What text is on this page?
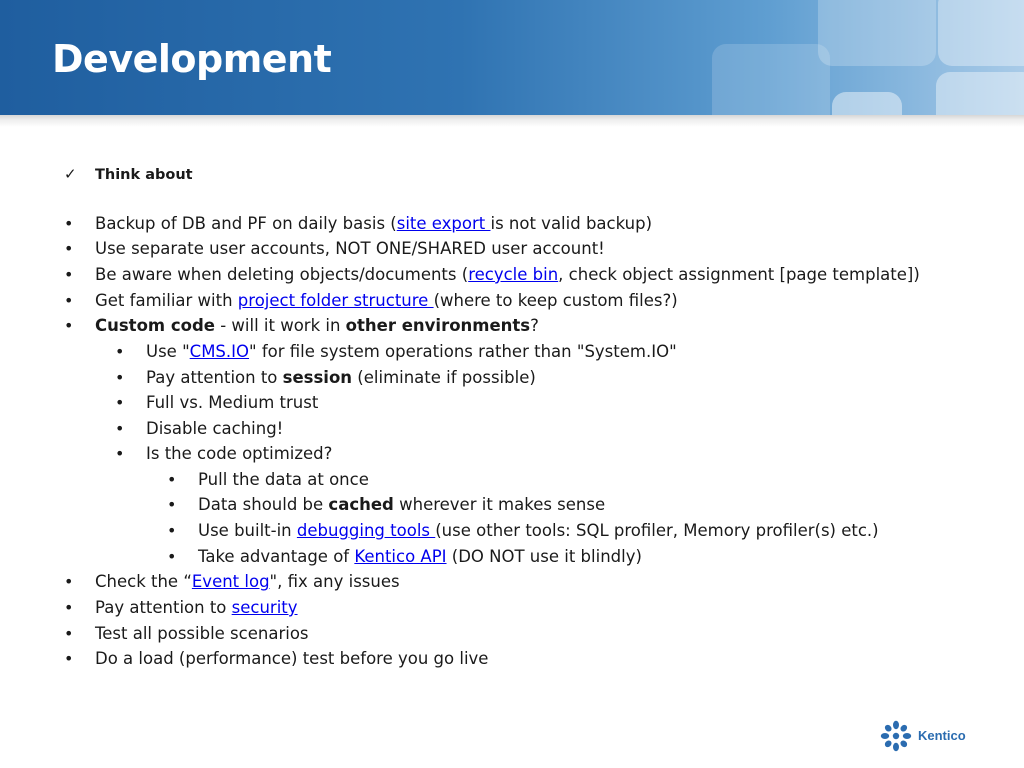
Development
✓ Think about
• Backup of DB and PF on daily basis (site export is not valid backup)
• Use separate user accounts, NOT ONE/SHARED user account!
• Be aware when deleting objects/documents (recycle bin, check object assignment [page template])
• Get familiar with project folder structure (where to keep custom files?)
• Custom code - will it work in other environments?
• Use "CMS.IO" for file system operations rather than "System.IO"
• Pay attention to session (eliminate if possible)
• Full vs. Medium trust
• Disable caching!
• Is the code optimized?
• Pull the data at once
• Data should be cached wherever it makes sense
• Use built-in debugging tools (use other tools: SQL profiler, Memory profiler(s) etc.)
• Take advantage of Kentico API (DO NOT use it blindly)
• Check the “Event log", fix any issues
• Pay attention to security
• Test all possible scenarios
• Do a load (performance) test before you go live
Kentico
